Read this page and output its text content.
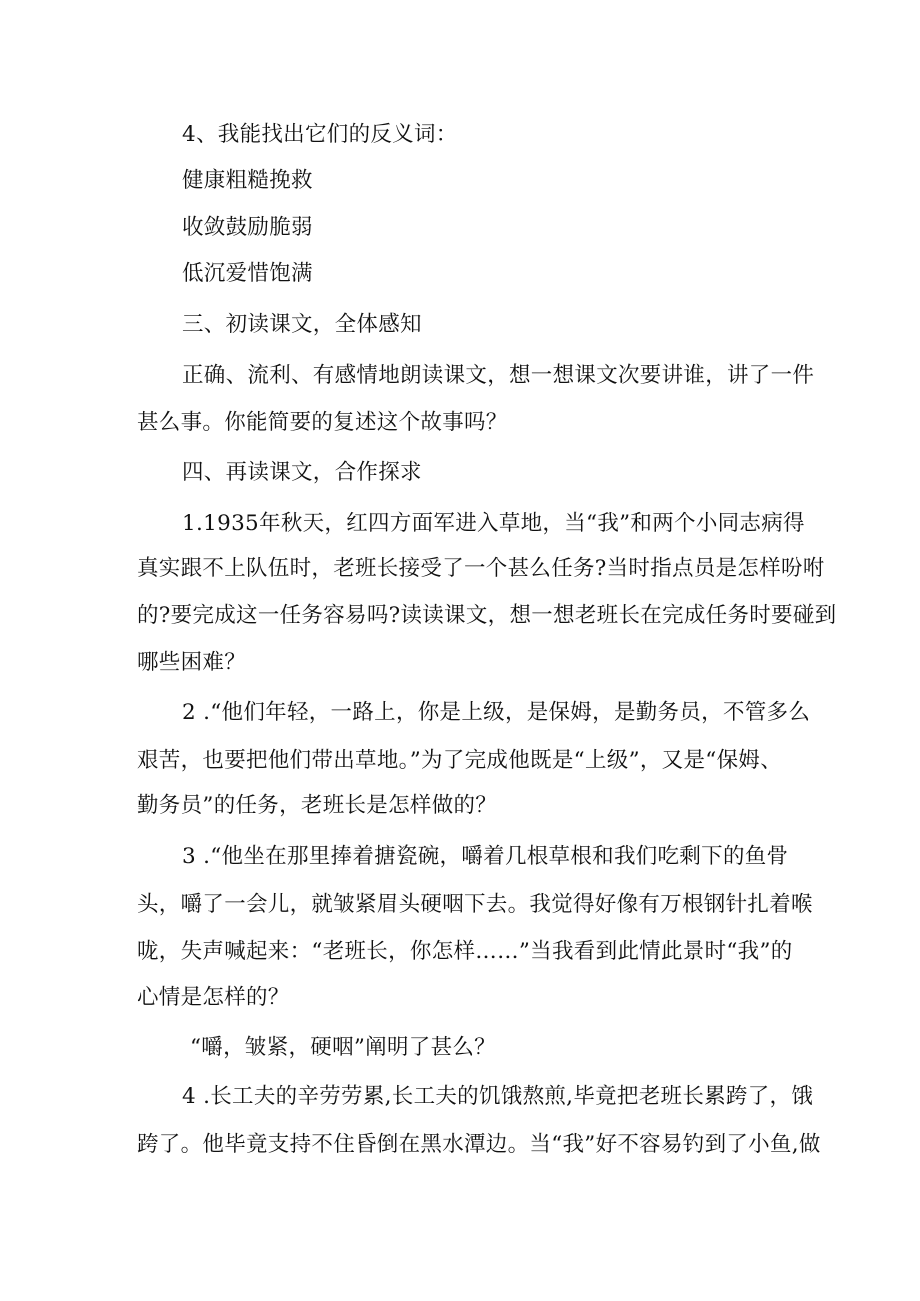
4、我能找出它们的反义词：
健康粗糙挽救
收敛鼓励脆弱
低沉爱惜饱满
三、初读课文，全体感知
正确、流利、有感情地朗读课文，想一想课文次要讲谁，讲了一件
甚么事。你能简要的复述这个故事吗？
四、再读课文，合作探求
1.1935年秋天，红四方面军进入草地，当“我”和两个小同志病得
真实跟不上队伍时，老班长接受了一个甚么任务?当时指点员是怎样吩咐
的?要完成这一任务容易吗?读读课文，想一想老班长在完成任务时要碰到
哪些困难？
2 .“他们年轻，一路上，你是上级，是保姆，是勤务员，不管多么
艰苦，也要把他们带出草地。”为了完成他既是“上级”，又是“保姆、
勤务员”的任务，老班长是怎样做的？
3 .“他坐在那里捧着搪瓷碗，嚼着几根草根和我们吃剩下的鱼骨
头，嚼了一会儿，就皱紧眉头硬咽下去。我觉得好像有万根钢针扎着喉
咙，失声喊起来：“老班长，你怎样……”当我看到此情此景时“我”的
心情是怎样的？
“嚼，皱紧，硬咽”阐明了甚么？
4 .长工夫的辛劳劳累,长工夫的饥饿熬煎,毕竟把老班长累跨了，饿
跨了。他毕竟支持不住昏倒在黑水潭边。当“我”好不容易钓到了小鱼,做
